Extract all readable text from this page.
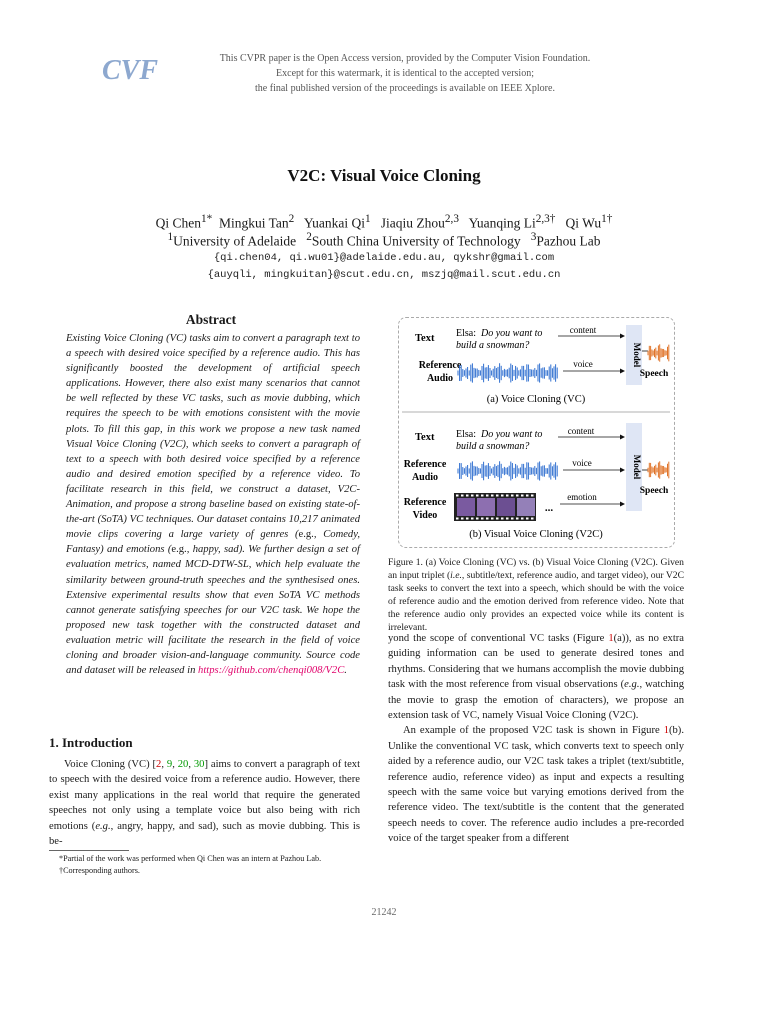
CVF	This CVPR paper is the Open Access version, provided by the Computer Vision Foundation.
Except for this watermark, it is identical to the accepted version;
the final published version of the proceedings is available on IEEE Xplore.
V2C: Visual Voice Cloning
Qi Chen$^{1*}$ Mingkui Tan$^2$ Yuankai Qi$^1$ Jiaqiu Zhou$^{2,3}$ Yuanqing $Li^{2,3\dagger}$ Qi $Wu^{1\dagger}$
$^1$University of Adelaide $^2$South China University of Technology $^3$Pazhou Lab
{qi.chen04, qi.wu01}@adelaide.edu.au, qykshr@gmail.com
{auyqli, mingkuitan}@scut.edu.cn, mszjq@mail.scut.edu.cn
Abstract
Existing Voice Cloning (VC) tasks aim to convert a paragraph text to a speech with desired voice specified by a reference audio. This has significantly boosted the development of artificial speech applications. However, there also exist many scenarios that cannot be well reflected by these VC tasks, such as movie dubbing, which requires the speech to be with emotions consistent with the movie plots. To fill this gap, in this work we propose a new task named Visual Voice Cloning (V2C), which seeks to convert a paragraph of text to a speech with both desired voice specified by a reference audio and desired emotion specified by a reference video. To facilitate research in this field, we construct a dataset, V2C-Animation, and propose a strong baseline based on existing state-of-the-art (SoTA) VC techniques. Our dataset contains 10,217 animated movie clips covering a large variety of genres (e.g., Comedy, Fantasy) and emotions (e.g., happy, sad). We further design a set of evaluation metrics, named MCD-DTW-SL, which help evaluate the similarity between ground-truth speeches and the synthesised ones. Extensive experimental results show that even SoTA VC methods cannot generate satisfying speeches for our V2C task. We hope the proposed new task together with the constructed dataset and evaluation metric will facilitate the research in the field of voice cloning and broader vision-and-language community. Source code and dataset will be released in https://github.com/chenqi008/V2C.
1. Introduction

Voice Cloning (VC) [2, 9, 20, 30] aims to convert a paragraph of text to speech with the desired voice from a reference audio. However, there exist many applications in the real world that require the generated speeches not only using a template voice but also being with rich emotions (e.g., angry, happy, and sad), such as movie dubbing. This is be-

*Partial of the work was performed when Qi Chen was an intern at Pazhou Lab.
†Corresponding authors.
Text
Reference
Audio
Elsa: Do you want to
build a snowman?
content
voice	Model
Speech
(a) Voice Cloning (VC)
Text
Reference
Audio
Reference
Video
Elsa: Do you want to
build a snowman?
content
voice
...
emotion
Model
Speech
(b) Visual Voice Cloning (V2C)
Figure 1. (a) Voice Cloning (VC) vs. (b) Visual Voice Cloning (V2C). Given an input triplet (i.e., subtitle/text, reference audio, and target video), our V2C task seeks to convert the text into a speech, which should be with the voice of reference audio and the emotion derived from reference video. Note that the reference audio only provides an expected voice while its content is irrelevant.

yond the scope of conventional VC tasks (Figure 1(a)), as no extra guiding information can be used to generate desired tones and rhythms. Considering that we humans accomplish the movie dubbing task with the most reference from visual observations (e.g., watching the movie to grasp the emotion of characters), we propose an extension task of VC, namely Visual Voice Cloning (V2C).

An example of the proposed V2C task is shown in Figure 1(b). Unlike the conventional VC task, which converts text to speech only aided by a reference audio, our V2C task takes a triplet (text/subtitle, reference audio, reference video) as input and expects a resulting speech with the same voice but varying emotions derived from the reference video. The text/subtitle is the content that the generated speech needs to cover. The reference audio includes a pre-recorded voice of the target speaker from a different

21242
